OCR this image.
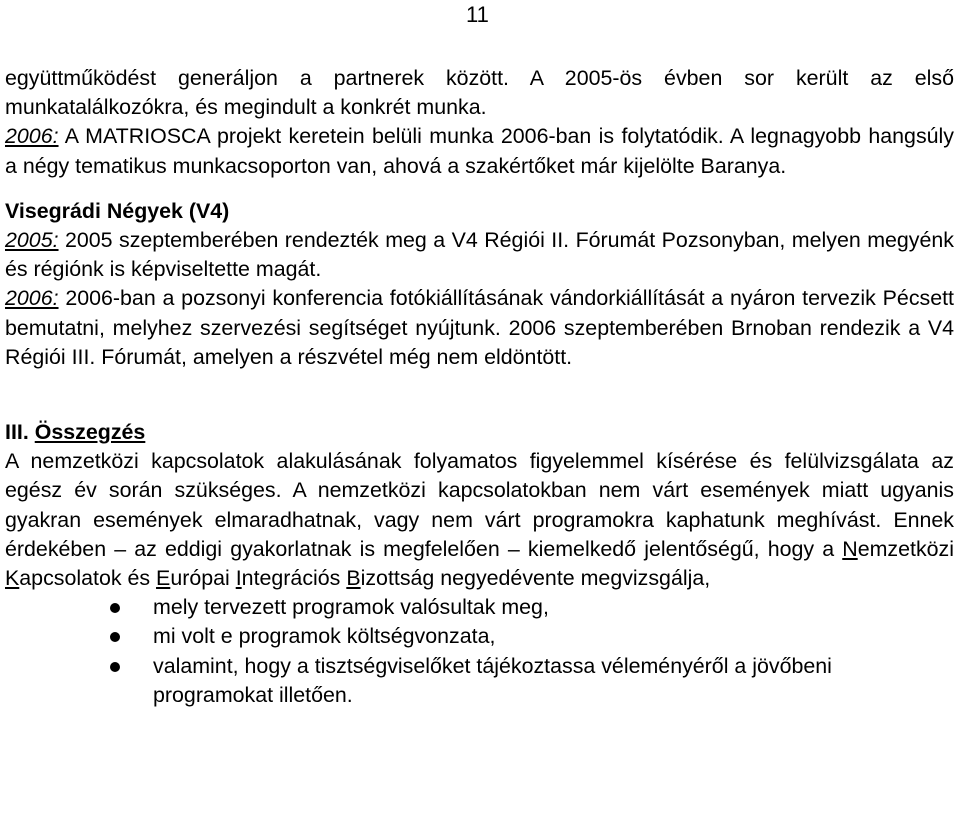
11

együttműködést generáljon a partnerek között. A 2005-ös évben sor került az első munkatalálkozókra, és megindult a konkrét munka.
2006: A MATRIOSCA projekt keretein belüli munka 2006-ban is folytatódik. A legnagyobb hangsúly a négy tematikus munkacsoporton van, ahová a szakértőket már kijelölte Baranya.

Visegrádi Négyek (V4)

2005: 2005 szeptemberében rendezték meg a V4 Régiói II. Fórumát Pozsonyban, melyen megyénk és régiónk is képviseltette magát.

2006: 2006-ban a pozsonyi konferencia fotókiállításának vándorkiállítását a nyáron tervezik Pécsett bemutatni, melyhez szervezési segítséget nyújtunk. 2006 szeptemberében Brnoban rendezik a V4 Régiói III. Fórumát, amelyen a részvétel még nem eldöntött.

III. Összegzés

A nemzetközi kapcsolatok alakulásának folyamatos figyelemmel kísérése és felülvizsgálata az egész év során szükséges. A nemzetközi kapcsolatokban nem várt események miatt ugyanis gyakran események elmaradhatnak, vagy nem várt programokra kaphatunk meghívást. Ennek érdekében – az eddigi gyakorlatnak is megfelelően – kiemelkedő jelentőségű, hogy a Nemzetközi Kapcsolatok és Európai Integrációs Bizottság negyedévente megvizsgálja,

mely tervezett programok valósultak meg,
mi volt e programok költségvonzata,
valamint, hogy a tisztségviselőket tájékoztassa véleményéről a jövőbeni programokat illetően.
